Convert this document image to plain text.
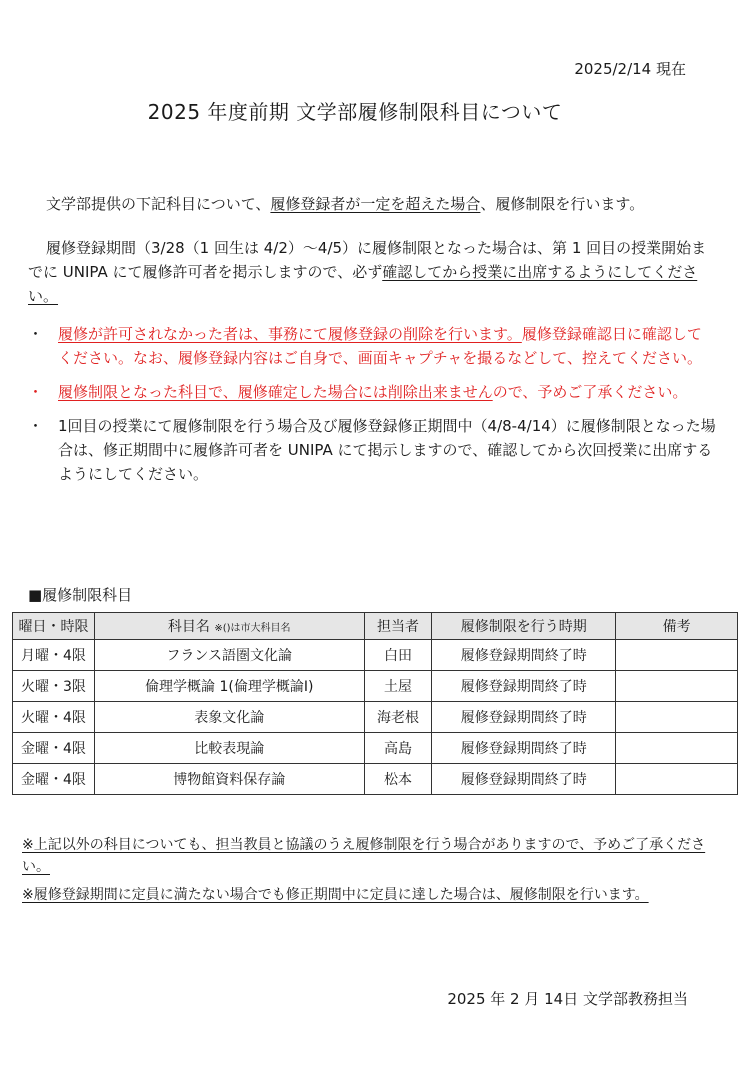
2025/2/14 現在
2025 年度前期 文学部履修制限科目について
文学部提供の下記科目について、履修登録者が一定を超えた場合、履修制限を行います。
履修登録期間（3/28（1 回生は 4/2）～4/5）に履修制限となった場合は、第 1 回目の授業開始までに UNIPA にて履修許可者を掲示しますので、必ず確認してから授業に出席するようにしてください。
・ 履修が許可されなかった者は、事務にて履修登録の削除を行います。履修登録確認日に確認してください。なお、履修登録内容はご自身で、画面キャプチャを撮るなどして、控えてください。
・ 履修制限となった科目で、履修確定した場合には削除出来ませんので、予めご了承ください。
・ 1回目の授業にて履修制限を行う場合及び履修登録修正期間中（4/8-4/14）に履修制限となった場合は、修正期間中に履修許可者を UNIPA にて掲示しますので、確認してから次回授業に出席するようにしてください。
■履修制限科目
曜日・時限	科目名 ※()は市大科目名	担当者	履修制限を行う時期	備考
月曜・4限	フランス語圏文化論	白田	履修登録期間終了時	
火曜・3限	倫理学概論 1(倫理学概論Ⅰ)	土屋	履修登録期間終了時	
火曜・4限	表象文化論	海老根	履修登録期間終了時	
金曜・4限	比較表現論	高島	履修登録期間終了時	
金曜・4限	博物館資料保存論	松本	履修登録期間終了時	
※上記以外の科目についても、担当教員と協議のうえ履修制限を行う場合がありますので、予めご了承ください。
※履修登録期間に定員に満たない場合でも修正期間中に定員に達した場合は、履修制限を行います。
2025 年 2 月 14日 文学部教務担当
